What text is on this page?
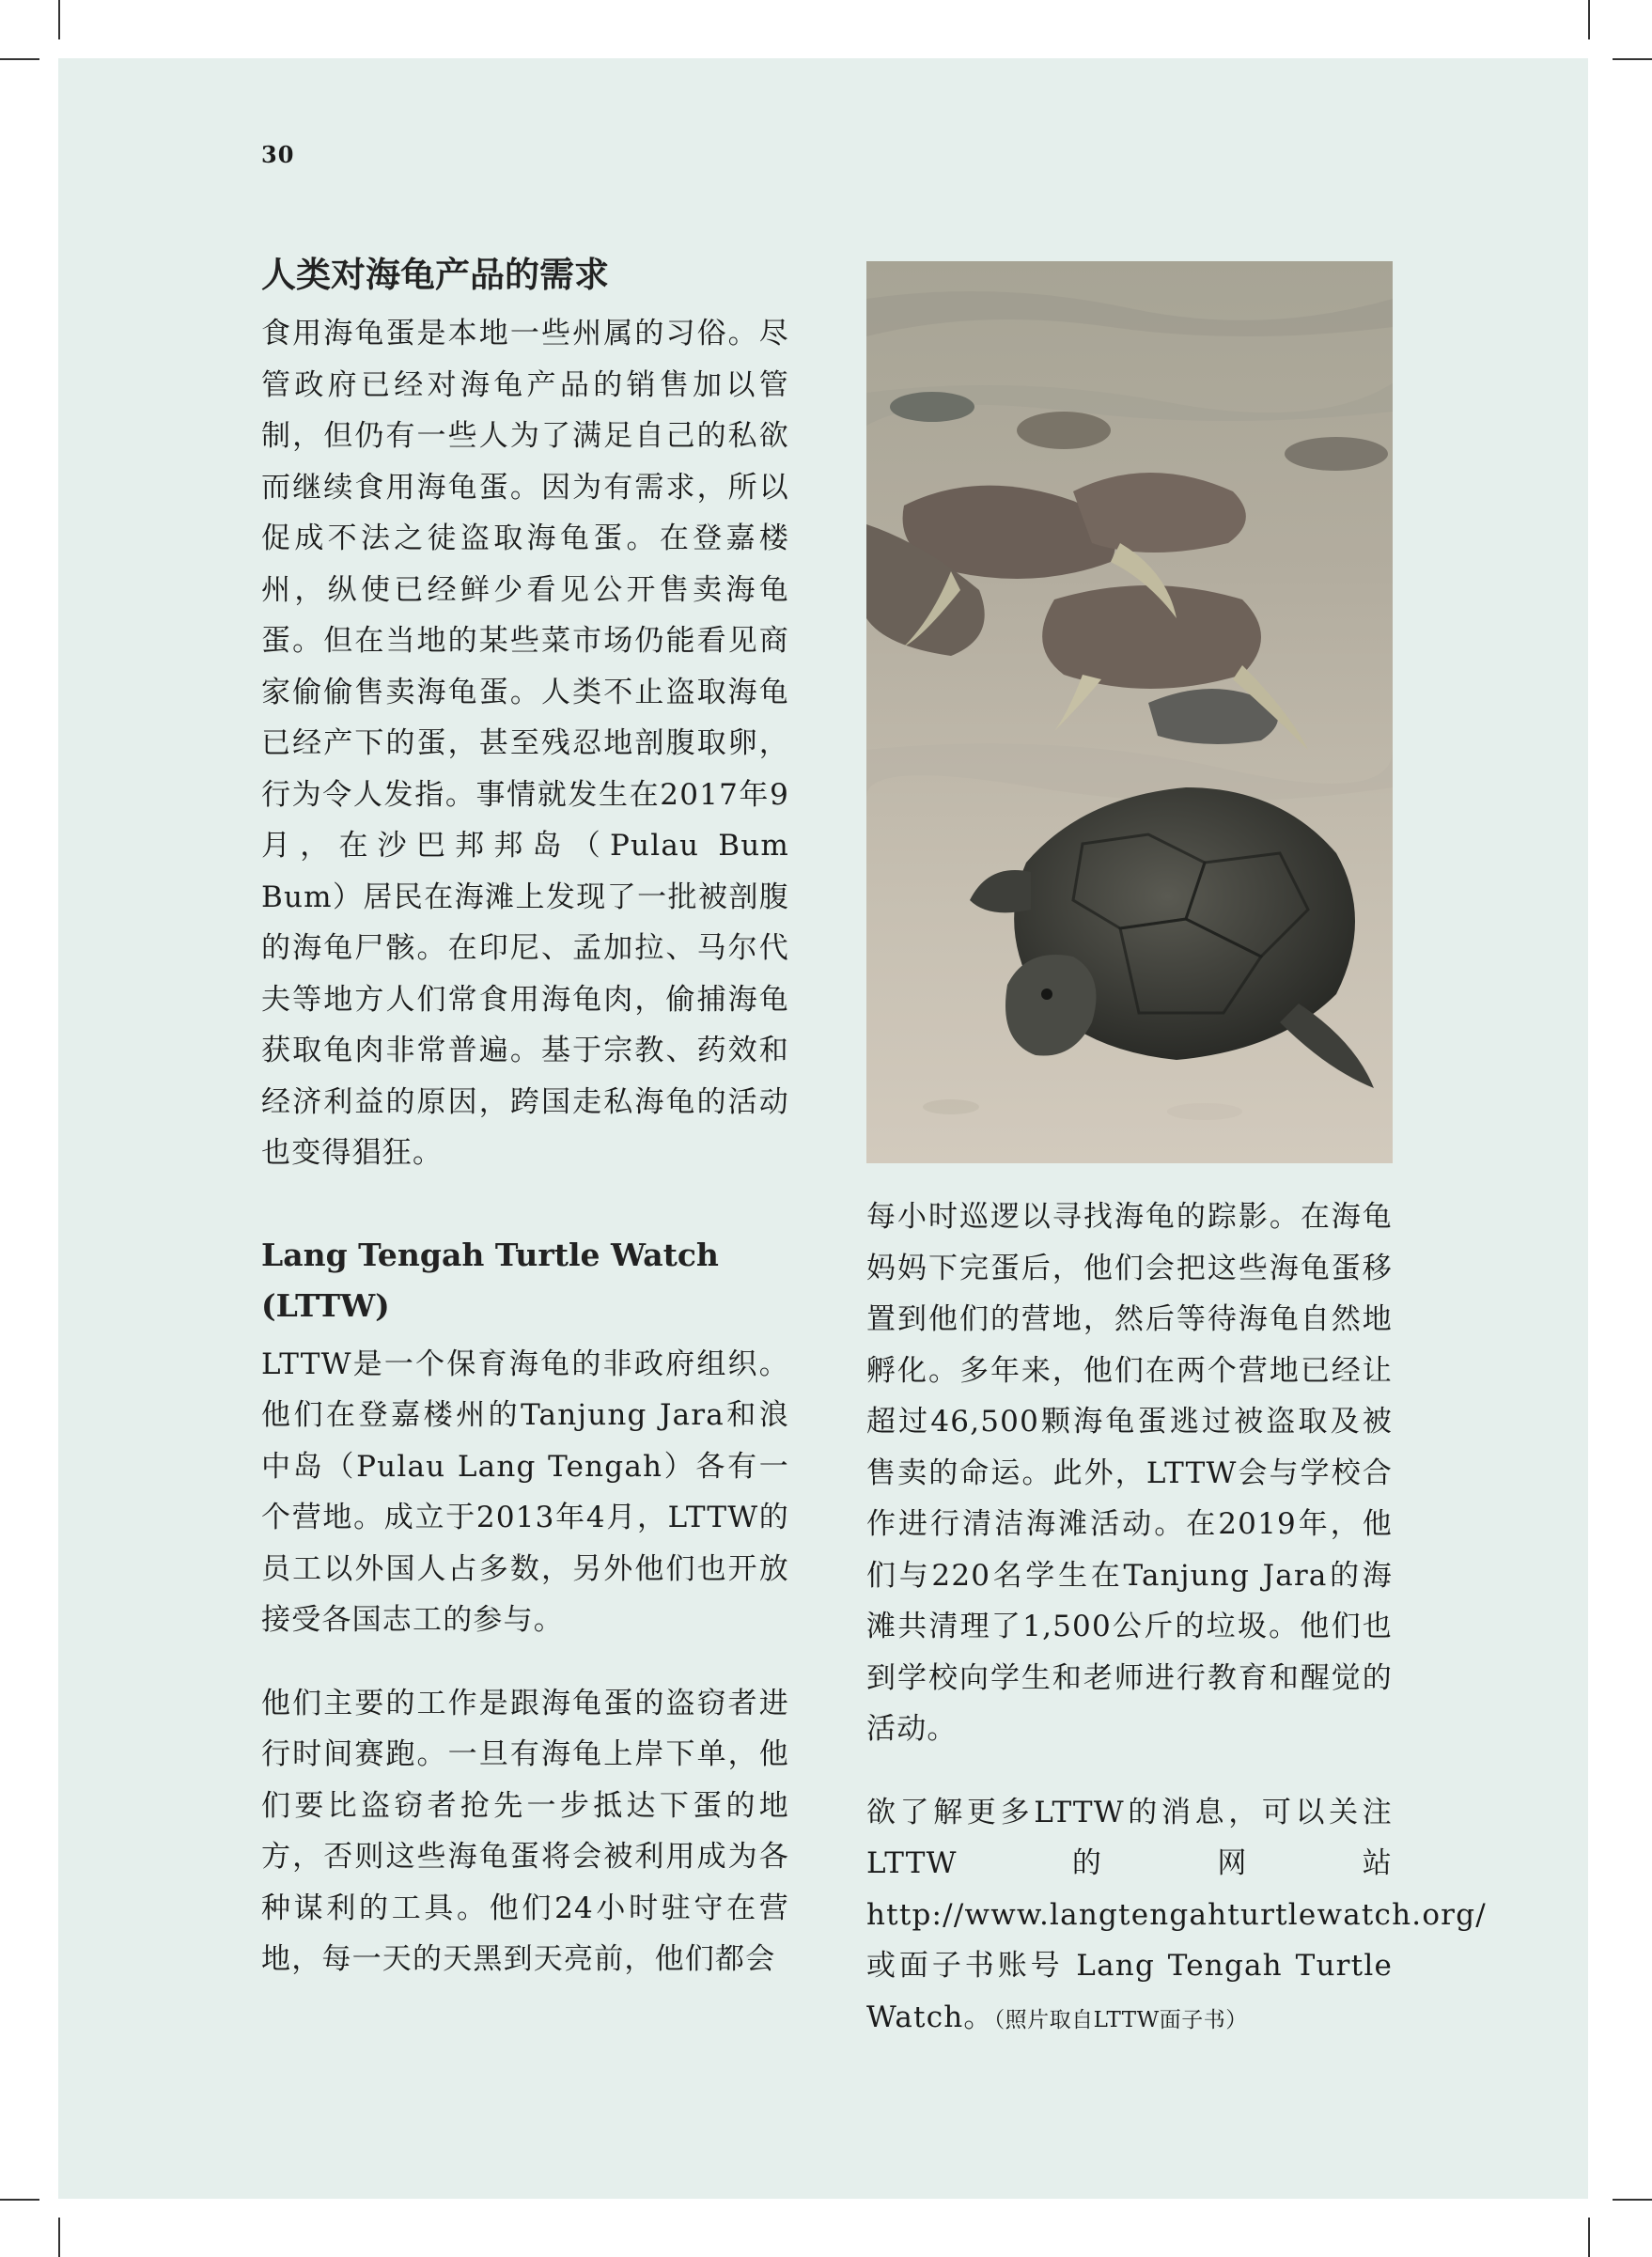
30
人类对海龟产品的需求

食用海龟蛋是本地一些州属的习俗。尽管政府已经对海龟产品的销售加以管制，但仍有一些人为了满足自己的私欲而继续食用海龟蛋。因为有需求，所以促成不法之徒盗取海龟蛋。在登嘉楼州，纵使已经鲜少看见公开售卖海龟蛋。但在当地的某些菜市场仍能看见商家偷偷售卖海龟蛋。人类不止盗取海龟已经产下的蛋，甚至残忍地剖腹取卵，行为令人发指。事情就发生在2017年9月，在沙巴邦邦岛（Pulau Bum Bum）居民在海滩上发现了一批被剖腹的海龟尸骸。在印尼、孟加拉、马尔代夫等地方人们常食用海龟肉，偷捕海龟获取龟肉非常普遍。基于宗教、药效和经济利益的原因，跨国走私海龟的活动也变得猖狂。

Lang Tengah Turtle Watch (LTTW)

LTTW是一个保育海龟的非政府组织。他们在登嘉楼州的Tanjung Jara和浪中岛（Pulau Lang Tengah）各有一个营地。成立于2013年4月，LTTW的员工以外国人占多数，另外他们也开放接受各国志工的参与。

他们主要的工作是跟海龟蛋的盗窃者进行时间赛跑。一旦有海龟上岸下单，他们要比盗窃者抢先一步抵达下蛋的地方，否则这些海龟蛋将会被利用成为各种谋利的工具。他们24小时驻守在营地，每一天的天黑到天亮前，他们都会

每小时巡逻以寻找海龟的踪影。在海龟妈妈下完蛋后，他们会把这些海龟蛋移置到他们的营地，然后等待海龟自然地孵化。多年来，他们在两个营地已经让超过46,500颗海龟蛋逃过被盗取及被售卖的命运。此外，LTTW会与学校合作进行清洁海滩活动。在2019年，他们与220名学生在Tanjung Jara的海滩共清理了1,500公斤的垃圾。他们也到学校向学生和老师进行教育和醒觉的活动。

欲了解更多LTTW的消息，可以关注LTTW的网站 http://www.langtengahturtlewatch.org/ 或面子书账号 Lang Tengah Turtle Watch。（照片取自LTTW面子书）
